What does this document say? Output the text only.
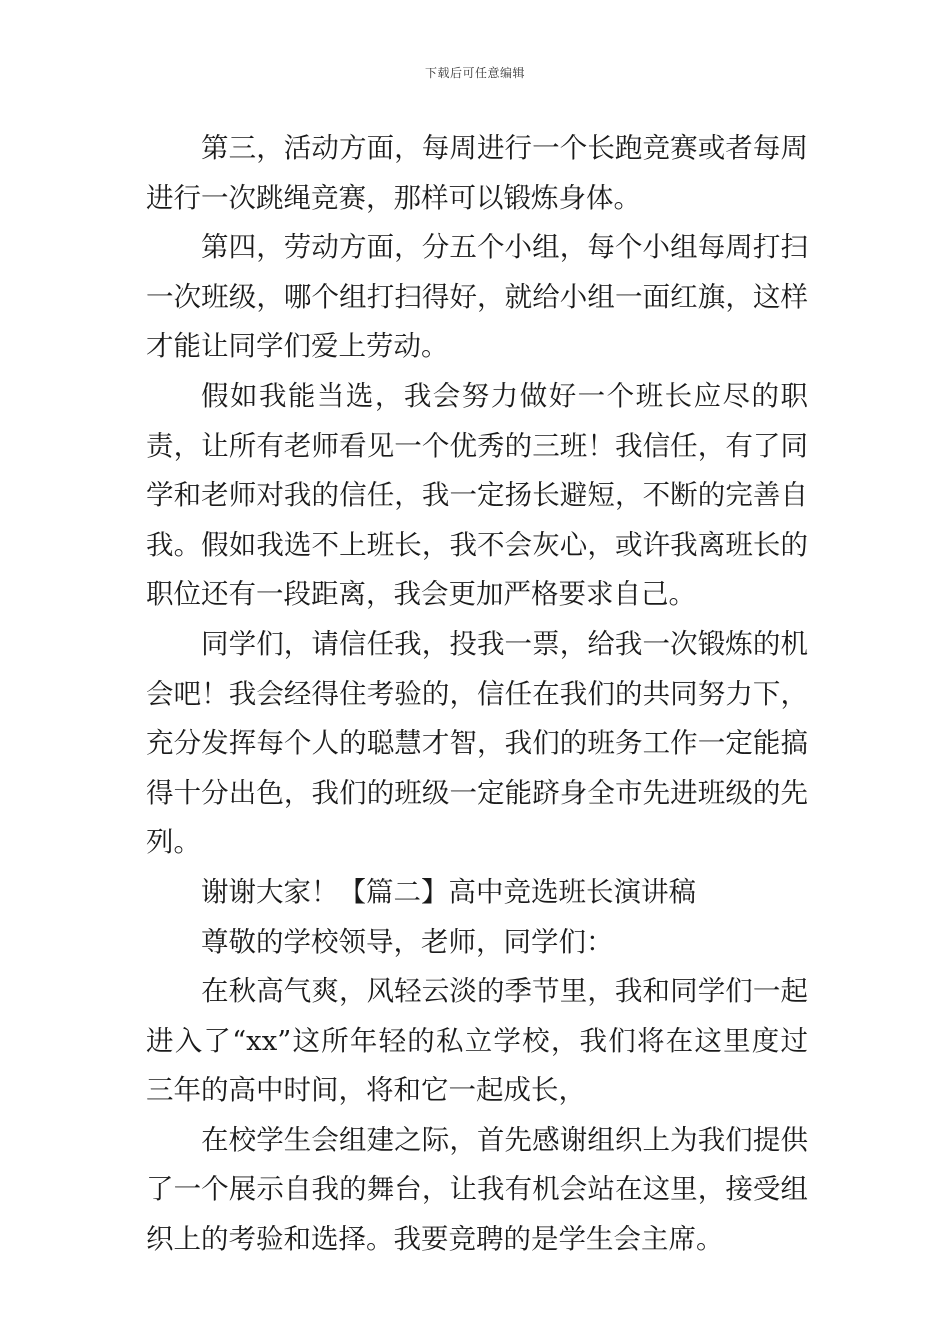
下载后可任意编辑

第三，活动方面，每周进行一个长跑竞赛或者每周进行一次跳绳竞赛，那样可以锻炼身体。

第四，劳动方面，分五个小组，每个小组每周打扫一次班级，哪个组打扫得好，就给小组一面红旗，这样才能让同学们爱上劳动。

假如我能当选，我会努力做好一个班长应尽的职责，让所有老师看见一个优秀的三班！我信任，有了同学和老师对我的信任，我一定扬长避短，不断的完善自我。假如我选不上班长，我不会灰心，或许我离班长的职位还有一段距离，我会更加严格要求自己。

同学们，请信任我，投我一票，给我一次锻炼的机会吧！我会经得住考验的，信任在我们的共同努力下，充分发挥每个人的聪慧才智，我们的班务工作一定能搞得十分出色，我们的班级一定能跻身全市先进班级的先列。

谢谢大家！【篇二】高中竞选班长演讲稿

尊敬的学校领导，老师，同学们：

在秋高气爽，风轻云淡的季节里，我和同学们一起进入了“xx”这所年轻的私立学校，我们将在这里度过三年的高中时间，将和它一起成长，

在校学生会组建之际，首先感谢组织上为我们提供了一个展示自我的舞台，让我有机会站在这里，接受组织上的考验和选择。我要竞聘的是学生会主席。
